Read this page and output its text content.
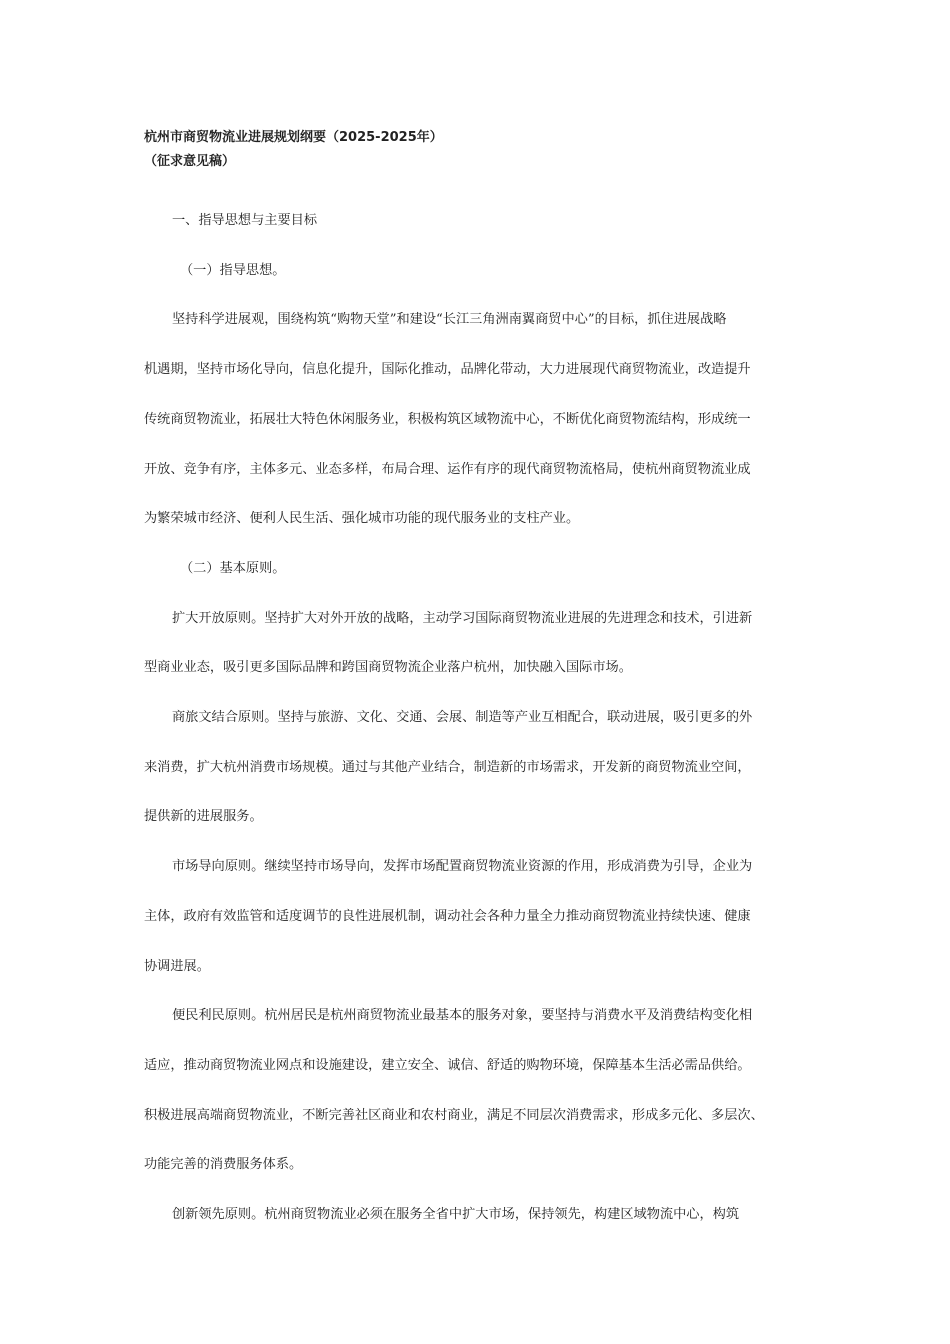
杭州市商贸物流业进展规划纲要（2025-2025年）
（征求意见稿）

一、指导思想与主要目标

（一）指导思想。

坚持科学进展观，围绕构筑“购物天堂”和建设“长江三角洲南翼商贸中心”的目标，抓住进展战略
机遇期，坚持市场化导向，信息化提升，国际化推动，品牌化带动，大力进展现代商贸物流业，改造提升
传统商贸物流业，拓展壮大特色休闲服务业，积极构筑区域物流中心，不断优化商贸物流结构，形成统一
开放、竞争有序，主体多元、业态多样，布局合理、运作有序的现代商贸物流格局，使杭州商贸物流业成
为繁荣城市经济、便利人民生活、强化城市功能的现代服务业的支柱产业。

（二）基本原则。

扩大开放原则。坚持扩大对外开放的战略，主动学习国际商贸物流业进展的先进理念和技术，引进新
型商业业态，吸引更多国际品牌和跨国商贸物流企业落户杭州，加快融入国际市场。

商旅文结合原则。坚持与旅游、文化、交通、会展、制造等产业互相配合，联动进展，吸引更多的外
来消费，扩大杭州消费市场规模。通过与其他产业结合，制造新的市场需求，开发新的商贸物流业空间，
提供新的进展服务。

市场导向原则。继续坚持市场导向，发挥市场配置商贸物流业资源的作用，形成消费为引导，企业为
主体，政府有效监管和适度调节的良性进展机制，调动社会各种力量全力推动商贸物流业持续快速、健康
协调进展。

便民利民原则。杭州居民是杭州商贸物流业最基本的服务对象，要坚持与消费水平及消费结构变化相
适应，推动商贸物流业网点和设施建设，建立安全、诚信、舒适的购物环境，保障基本生活必需品供给。
积极进展高端商贸物流业，不断完善社区商业和农村商业，满足不同层次消费需求，形成多元化、多层次、
功能完善的消费服务体系。

创新领先原则。杭州商贸物流业必须在服务全省中扩大市场，保持领先，构建区域物流中心，构筑
